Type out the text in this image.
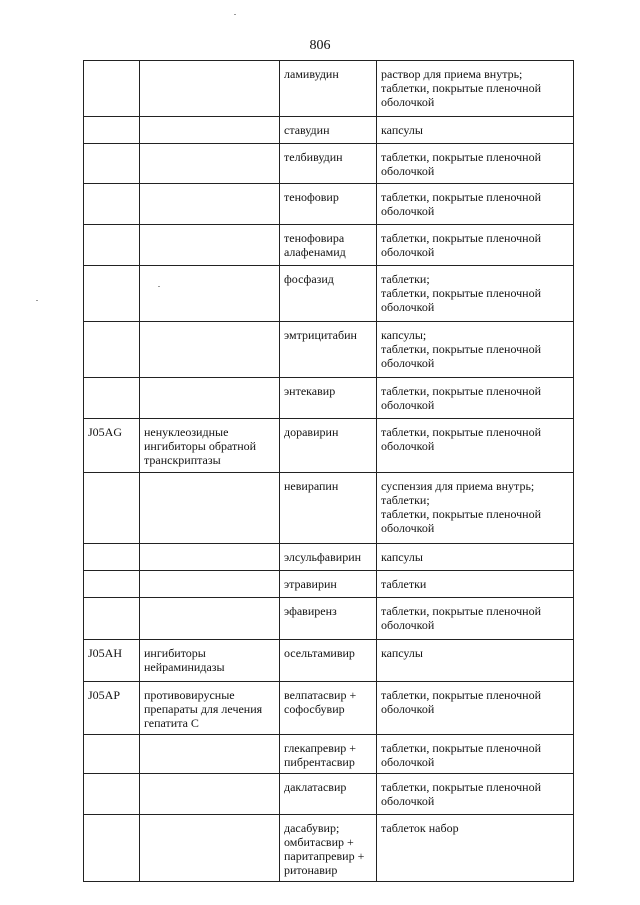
806
		ламивудин	раствор для приема внутрь;
таблетки, покрытые пленочной оболочкой
		ставудин	капсулы
		телбивудин	таблетки, покрытые пленочной оболочкой
		тенофовир	таблетки, покрытые пленочной оболочкой
		тенофовира алафенамид	таблетки, покрытые пленочной оболочкой
		фосфазид	таблетки;
таблетки, покрытые пленочной оболочкой
		эмтрицитабин	капсулы;
таблетки, покрытые пленочной оболочкой
		энтекавир	таблетки, покрытые пленочной оболочкой
J05AG	ненуклеозидные ингибиторы обратной транскриптазы	доравирин	таблетки, покрытые пленочной оболочкой
		невирапин	суспензия для приема внутрь;
таблетки;
таблетки, покрытые пленочной оболочкой
		элсульфавирин	капсулы
		этравирин	таблетки
		эфавиренз	таблетки, покрытые пленочной оболочкой
J05AH	ингибиторы нейраминидазы	осельтамивир	капсулы
J05AP	противовирусные препараты для лечения гепатита C	велпатасвир + софосбувир	таблетки, покрытые пленочной оболочкой
		глекапревир + пибрентасвир	таблетки, покрытые пленочной оболочкой
		даклатасвир	таблетки, покрытые пленочной оболочкой
		дасабувир; омбитасвир + паритапревир + ритонавир	таблеток набор
